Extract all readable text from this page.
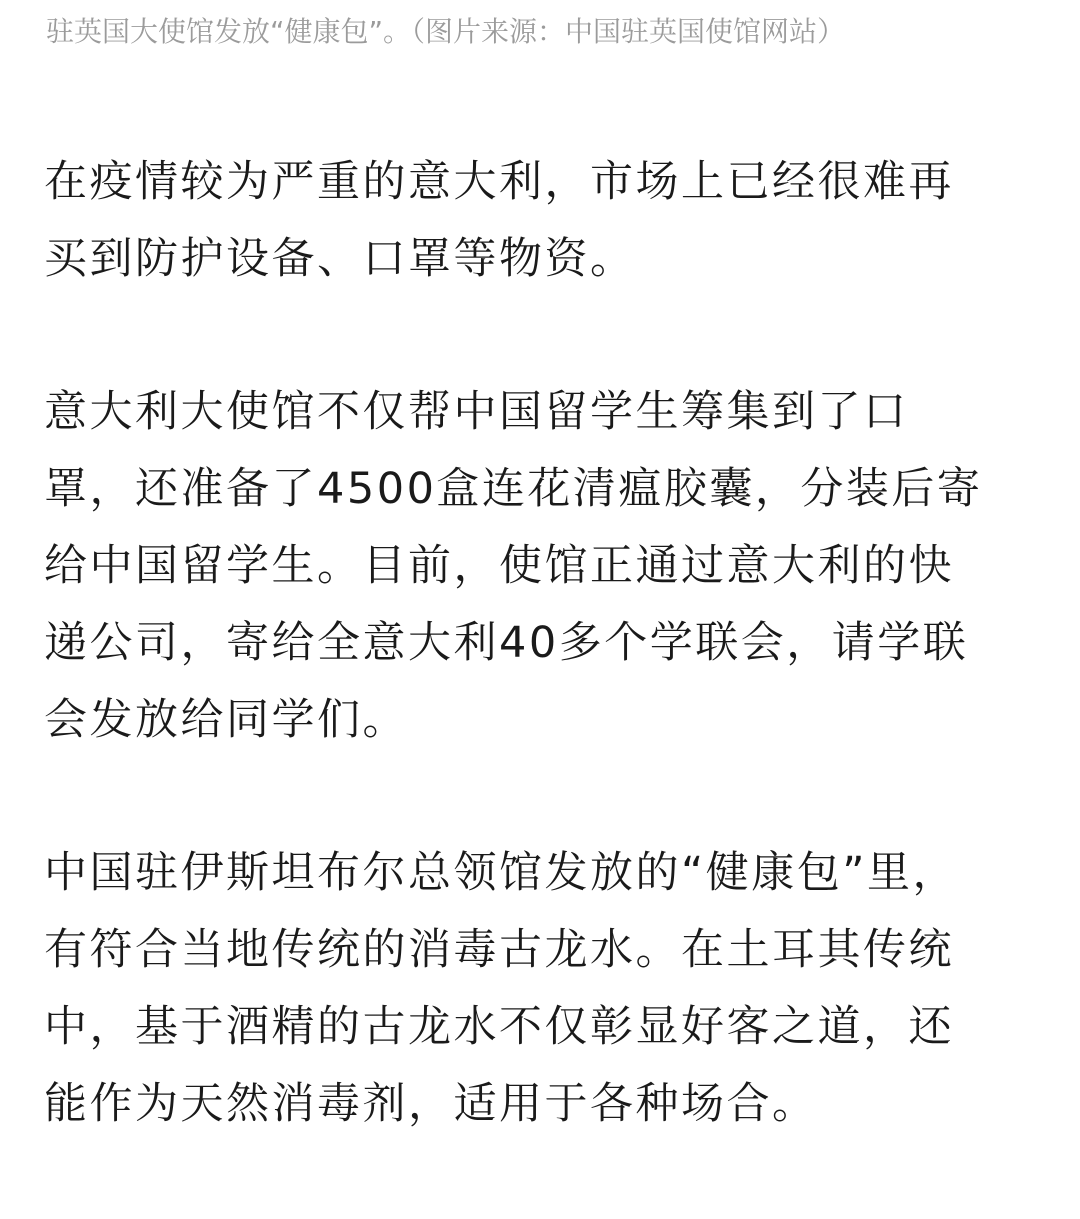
驻英国大使馆发放“健康包”。（图片来源：中国驻英国使馆网站）
在疫情较为严重的意大利，市场上已经很难再
买到防护设备、口罩等物资。
意大利大使馆不仅帮中国留学生筹集到了口
罩，还准备了4500盒连花清瘟胶囊，分装后寄
给中国留学生。目前，使馆正通过意大利的快
递公司，寄给全意大利40多个学联会，请学联
会发放给同学们。
中国驻伊斯坦布尔总领馆发放的“健康包”里，
有符合当地传统的消毒古龙水。在土耳其传统
中，基于酒精的古龙水不仅彰显好客之道，还
能作为天然消毒剂，适用于各种场合。
